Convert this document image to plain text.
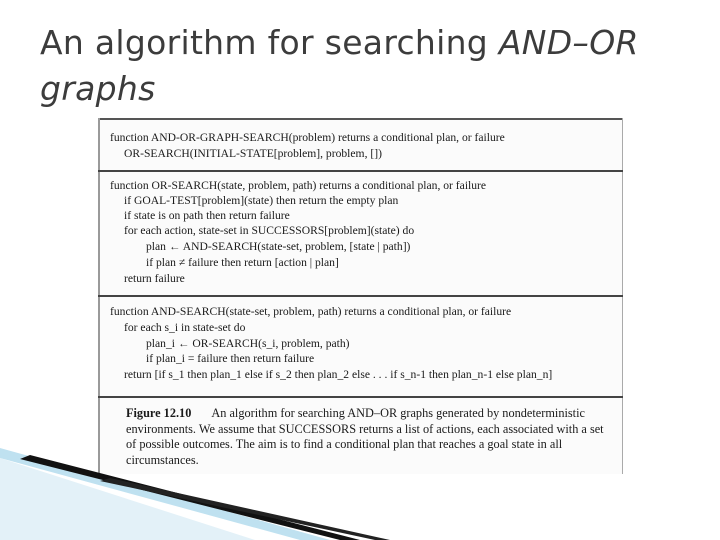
An algorithm for searching AND–OR graphs
function AND-OR-GRAPH-SEARCH(problem) returns a conditional plan, or failure
OR-SEARCH(INITIAL-STATE[problem], problem, [])
function OR-SEARCH(state, problem, path) returns a conditional plan, or failure
if GOAL-TEST[problem](state) then return the empty plan
if state is on path then return failure
for each action, state-set in SUCCESSORS[problem](state) do
plan ← AND-SEARCH(state-set, problem, [state | path])
if plan ≠ failure then return [action | plan]
return failure
function AND-SEARCH(state-set, problem, path) returns a conditional plan, or failure
for each s_i in state-set do
plan_i ← OR-SEARCH(s_i, problem, path)
if plan_i = failure then return failure
return [if s_1 then plan_1 else if s_2 then plan_2 else . . . if s_n-1 then plan_n-1 else plan_n]
Figure 12.10 An algorithm for searching AND–OR graphs generated by nondeterministic environments. We assume that SUCCESSORS returns a list of actions, each associated with a set of possible outcomes. The aim is to find a conditional plan that reaches a goal state in all circumstances.
